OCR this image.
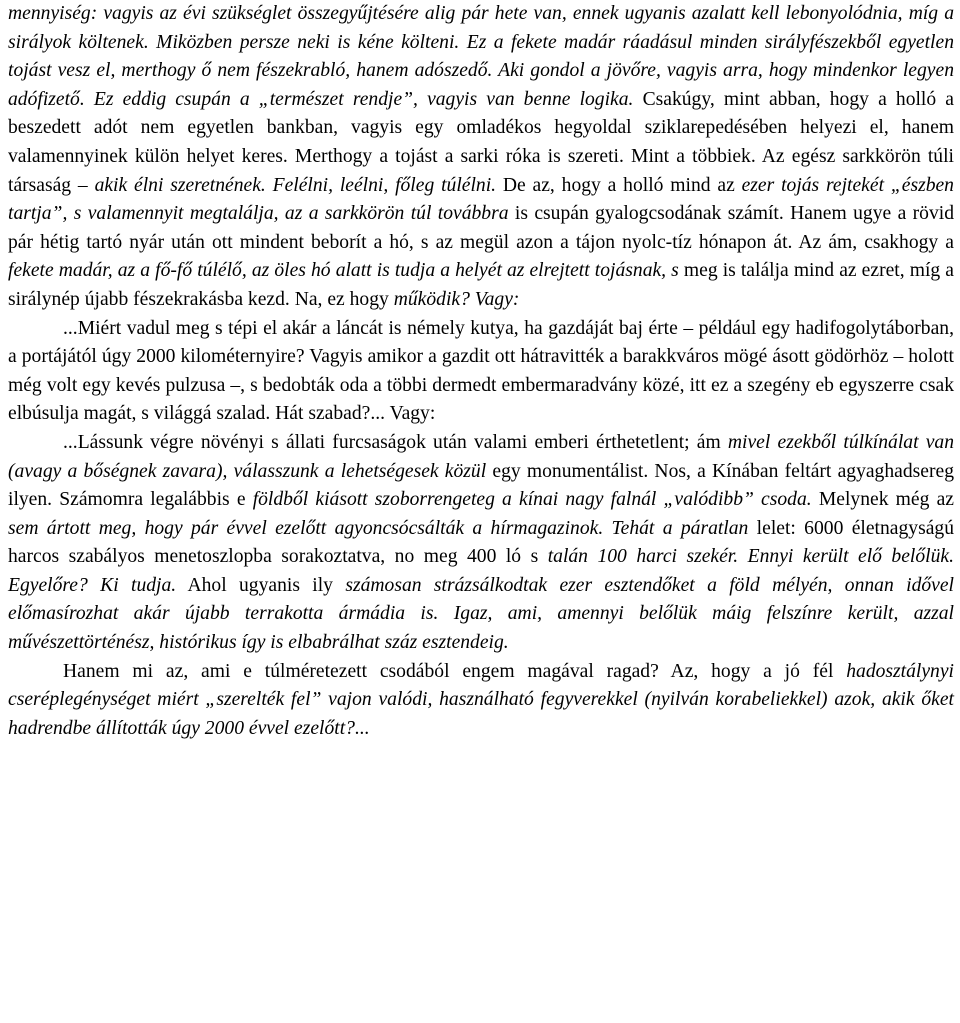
mennyiség: vagyis az évi szükséglet összegyűjtésére alig pár hete van, ennek ugyanis azalatt kell lebonyolódnia, míg a sirályok költenek. Miközben persze neki is kéne költeni. Ez a fekete madár ráadásul minden sirályfészekből egyetlen tojást vesz el, merthogy ő nem fészekrabló, hanem adószedő. Aki gondol a jövőre, vagyis arra, hogy mindenkor legyen adófizető. Ez eddig csupán a „természet rendje”, vagyis van benne logika. Csakúgy, mint abban, hogy a holló a beszedett adót nem egyetlen bankban, vagyis egy omladékos hegyoldal sziklarepedésében helyezi el, hanem valamennyinek külön helyet keres. Merthogy a tojást a sarki róka is szereti. Mint a többiek. Az egész sarkkörön túli társaság – akik élni szeretnének. Felélni, leélni, főleg túlélni. De az, hogy a holló mind az ezer tojás rejtekét „észben tartja”, s valamennyit megtalálja, az a sarkkörön túl továbbra is csupán gyalogcsodának számít. Hanem ugye a rövid pár hétig tartó nyár után ott mindent beborít a hó, s az megül azon a tájon nyolc-tíz hónapon át. Az ám, csakhogy a fekete madár, az a fő-fő túlélő, az öles hó alatt is tudja a helyét az elrejtett tojásnak, s meg is találja mind az ezret, míg a sirálynép újabb fészekrakásba kezd. Na, ez hogy működik? Vagy:

...Miért vadul meg s tépi el akár a láncát is némely kutya, ha gazdáját baj érte – például egy hadifogolytáborban, a portájától úgy 2000 kilométernyire? Vagyis amikor a gazdit ott hátravitték a barakkváros mögé ásott gödörhöz – holott még volt egy kevés pulzusa –, s bedobták oda a többi dermedt embermaradvány közé, itt ez a szegény eb egyszerre csak elbúsulja magát, s világgá szalad. Hát szabad?... Vagy:

...Lássunk végre növényi s állati furcsaságok után valami emberi érthetetlent; ám mivel ezekből túlkínálat van (avagy a bőségnek zavara), válasszunk a lehetségesek közül egy monumentálist. Nos, a Kínában feltárt agyaghadsereg ilyen. Számomra legalábbis e földből kiásott szoborrengeteg a kínai nagy falnál „valódibb” csoda. Melynek még az sem ártott meg, hogy pár évvel ezelőtt agyoncsócsálták a hírmagazinok. Tehát a páratlan lelet: 6000 életnagyságú harcos szabályos menetoszlopba sorakoztatva, no meg 400 ló s talán 100 harci szekér. Ennyi került elő belőlük. Egyelőre? Ki tudja. Ahol ugyanis ily számosan strázsálkodtak ezer esztendőket a föld mélyén, onnan idővel előmasírozhat akár újabb terrakotta ármádia is. Igaz, ami, amennyi belőlük máig felszínre került, azzal művészettörténész, histórikus így is elbabrálhat száz esztendeig.

Hanem mi az, ami e túlméretezett csodából engem magával ragad? Az, hogy a jó fél hadosztálynyi cseréplegénységet miért „szerelték fel” vajon valódi, használható fegyverekkel (nyilván korabeliekkel) azok, akik őket hadrendbe állították úgy 2000 évvel ezelőtt?...
